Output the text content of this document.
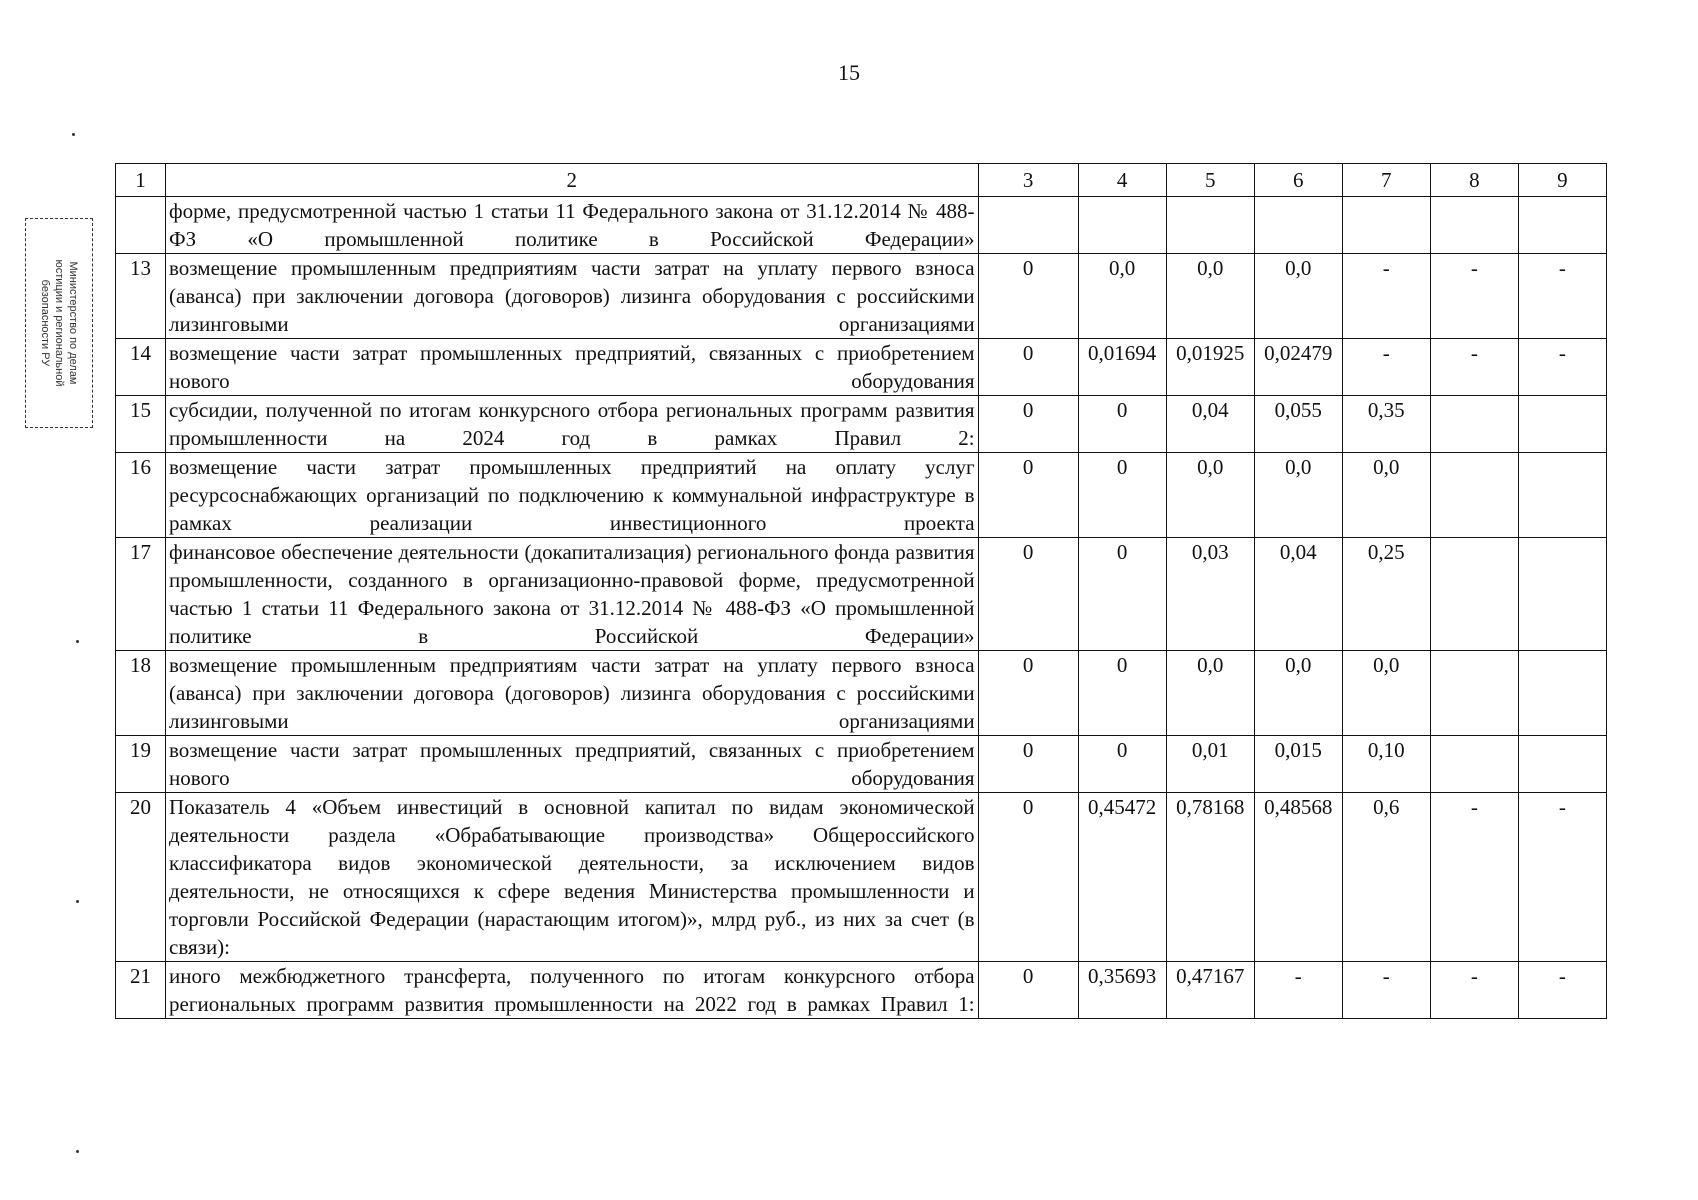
15
Министерство по делам
юстиции и региональной
безопасности РУ
1	2	3	4	5	6	7	8	9
	форме, предусмотренной частью 1 статьи 11 Федерального закона от 31.12.2014 № 488-ФЗ «О промышленной политике в Российской Федерации»							
13	возмещение промышленным предприятиям части затрат на уплату первого взноса (аванса) при заключении договора (договоров) лизинга оборудования с российскими лизинговыми организациями	0	0,0	0,0	0,0	-	-	-
14	возмещение части затрат промышленных предприятий, связанных с приобретением нового оборудования	0	0,01694	0,01925	0,02479	-	-	-
15	субсидии, полученной по итогам конкурсного отбора региональных программ развития промышленности на 2024 год в рамках Правил 2:	0	0	0,04	0,055	0,35		
16	возмещение части затрат промышленных предприятий на оплату услуг ресурсоснабжающих организаций по подключению к коммунальной инфраструктуре в рамках реализации инвестиционного проекта	0	0	0,0	0,0	0,0		
17	финансовое обеспечение деятельности (докапитализация) регионального фонда развития промышленности, созданного в организационно-правовой форме, предусмотренной частью 1 статьи 11 Федерального закона от 31.12.2014 № 488-ФЗ «О промышленной политике в Российской Федерации»	0	0	0,03	0,04	0,25		
18	возмещение промышленным предприятиям части затрат на уплату первого взноса (аванса) при заключении договора (договоров) лизинга оборудования с российскими лизинговыми организациями	0	0	0,0	0,0	0,0		
19	возмещение части затрат промышленных предприятий, связанных с приобретением нового оборудования	0	0	0,01	0,015	0,10		
20	Показатель 4 «Объем инвестиций в основной капитал по видам экономической деятельности раздела «Обрабатывающие производства» Общероссийского классификатора видов экономической деятельности, за исключением видов деятельности, не относящихся к сфере ведения Министерства промышленности и торговли Российской Федерации (нарастающим итогом)», млрд руб., из них за счет (в связи):	0	0,45472	0,78168	0,48568	0,6	-	-
21	иного межбюджетного трансферта, полученного по итогам конкурсного отбора региональных программ развития промышленности на 2022 год в рамках Правил 1:	0	0,35693	0,47167	-	-	-	-
